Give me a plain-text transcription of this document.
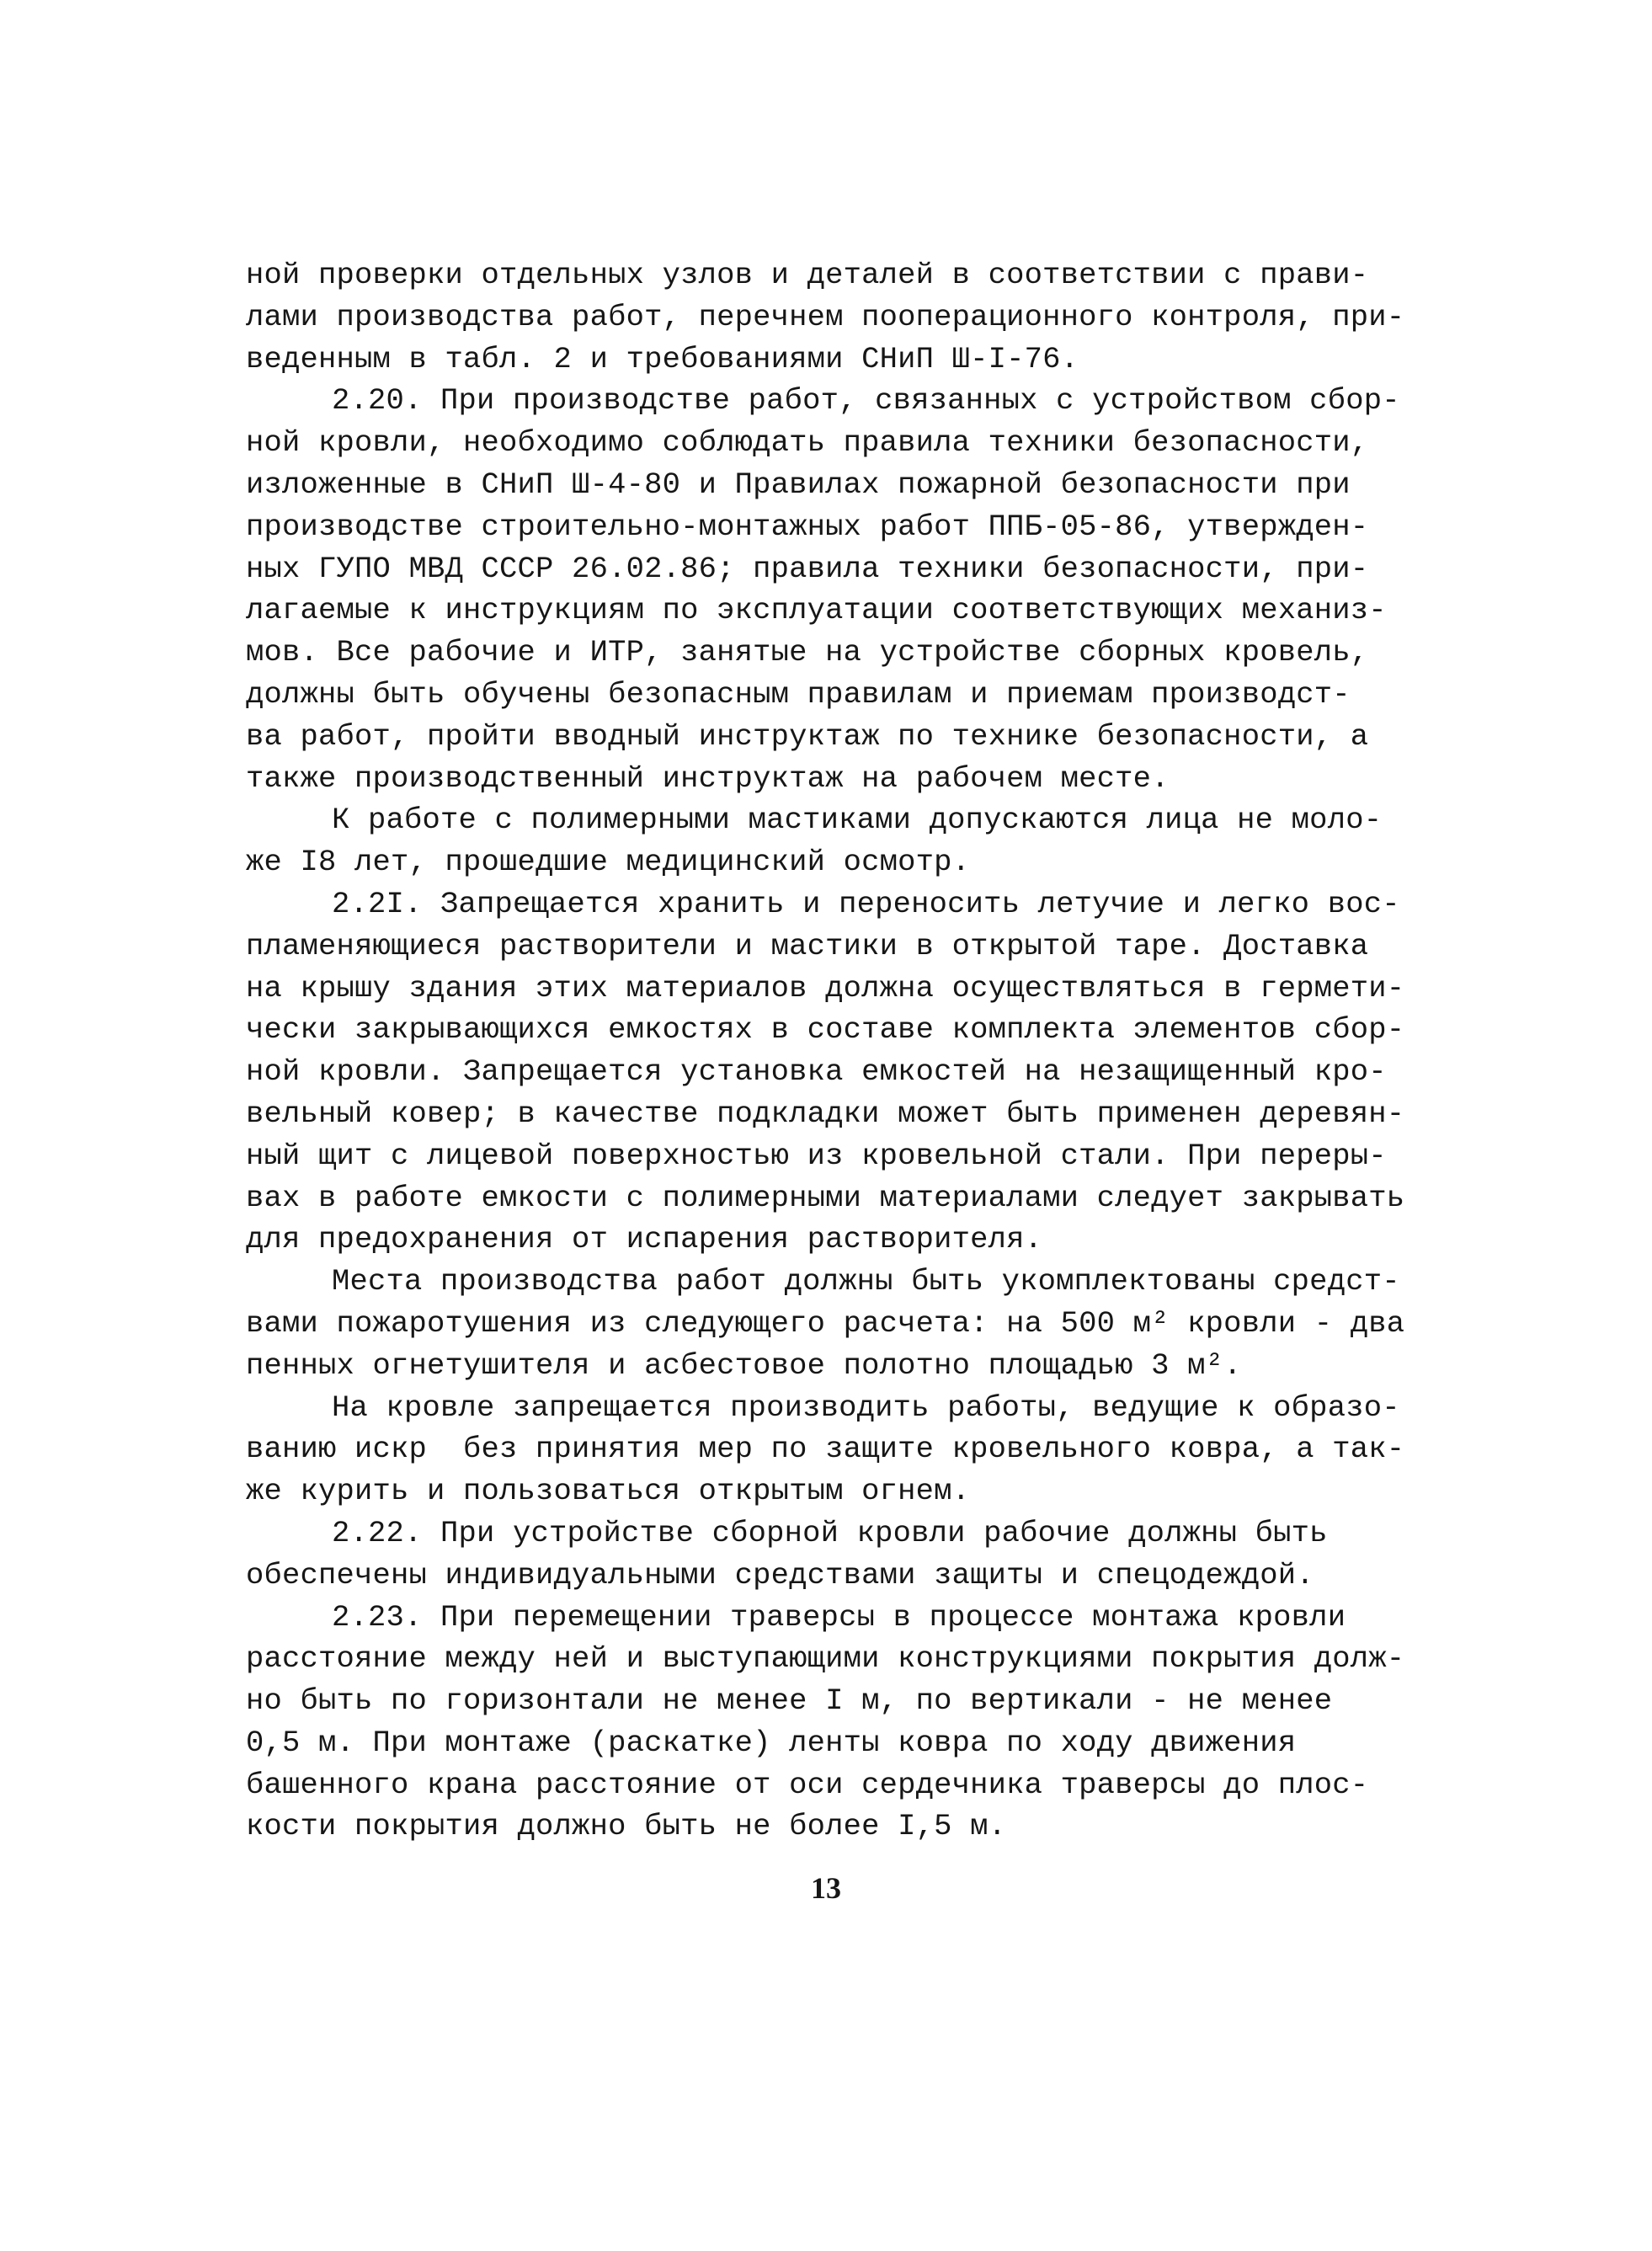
ной проверки отдельных узлов и деталей в соответствии с прави-
лами производства работ, перечнем пооперационного контроля, при-
веденным в табл. 2 и требованиями СНиП Ш-I-76.
2.20. При производстве работ, связанных с устройством сбор-
ной кровли, необходимо соблюдать правила техники безопасности,
изложенные в СНиП Ш-4-80 и Правилах пожарной безопасности при
производстве строительно-монтажных работ ППБ-05-86, утвержден-
ных ГУПО МВД СССР 26.02.86; правила техники безопасности, при-
лагаемые к инструкциям по эксплуатации соответствующих механиз-
мов. Все рабочие и ИТР, занятые на устройстве сборных кровель,
должны быть обучены безопасным правилам и приемам производст-
ва работ, пройти вводный инструктаж по технике безопасности, а
также производственный инструктаж на рабочем месте.
К работе с полимерными мастиками допускаются лица не моло-
же I8 лет, прошедшие медицинский осмотр.
2.2I. Запрещается хранить и переносить летучие и легко вос-
пламеняющиеся растворители и мастики в открытой таре. Доставка
на крышу здания этих материалов должна осуществляться в гермети-
чески закрывающихся емкостях в составе комплекта элементов сбор-
ной кровли. Запрещается установка емкостей на незащищенный кро-
вельный ковер; в качестве подкладки может быть применен деревян-
ный щит с лицевой поверхностью из кровельной стали. При переры-
вах в работе емкости с полимерными материалами следует закрывать
для предохранения от испарения растворителя.
Места производства работ должны быть укомплектованы средст-
вами пожаротушения из следующего расчета: на 500 м² кровли - два
пенных огнетушителя и асбестовое полотно площадью 3 м².
На кровле запрещается производить работы, ведущие к образо-
ванию искр  без принятия мер по защите кровельного ковра, а так-
же курить и пользоваться открытым огнем.
2.22. При устройстве сборной кровли рабочие должны быть
обеспечены индивидуальными средствами защиты и спецодеждой.
2.23. При перемещении траверсы в процессе монтажа кровли
расстояние между ней и выступающими конструкциями покрытия долж-
но быть по горизонтали не менее I м, по вертикали - не менее
0,5 м. При монтаже (раскатке) ленты ковра по ходу движения
башенного крана расстояние от оси сердечника траверсы до плос-
кости покрытия должно быть не более I,5 м.
13
